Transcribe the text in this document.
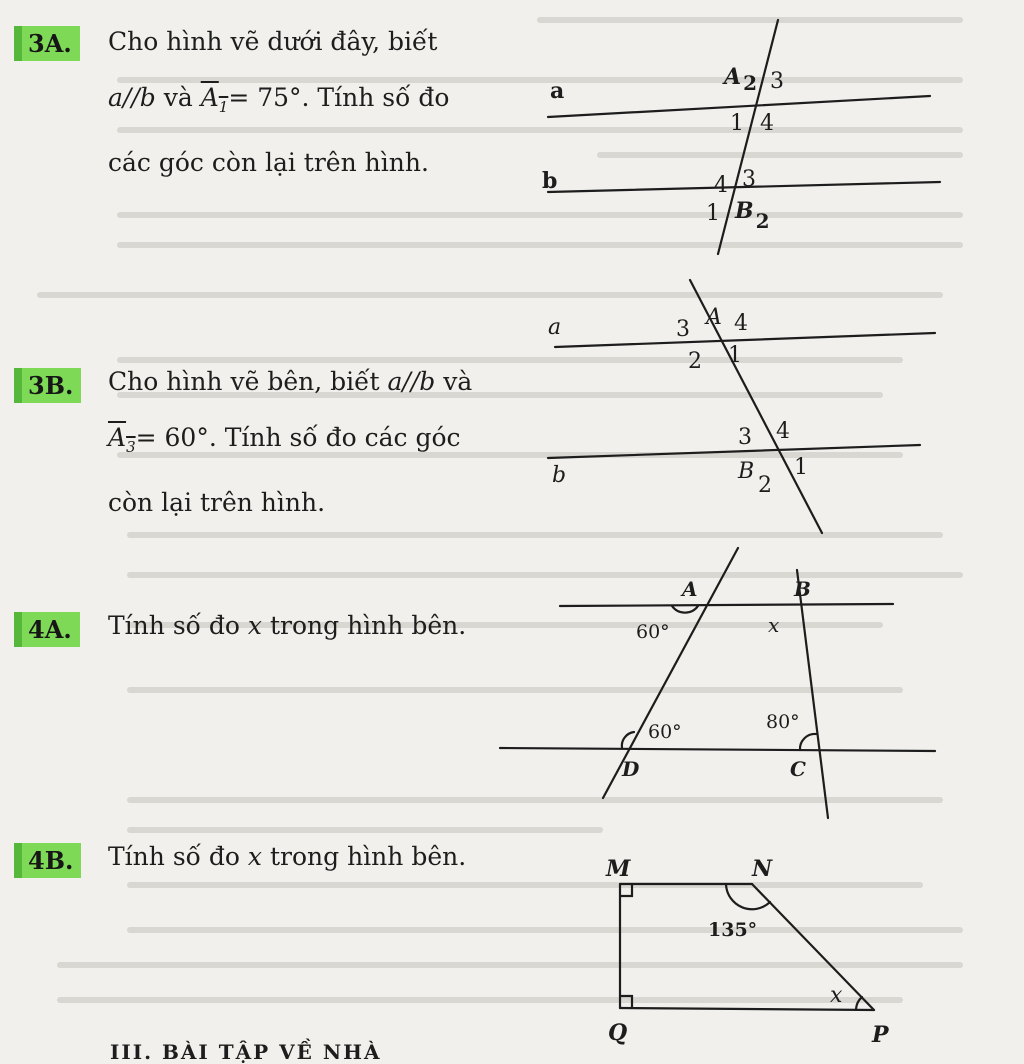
3A.	Cho hình vẽ dưới đây, biết
a//b và $A_1= 75^\circ$. Tính số đo
các góc còn lại trên hình.
3B.	Cho hình vẽ bên, biết a//b và
$A_3= 60^\circ$. Tính số đo các góc
còn lại trên hình.
4A.	Tính số đo x trong hình bên.
4B.	Tính số đo x trong hình bên.
a
b
A 2 3
1 4
4 3
1 B 2
a
b
3 A 4
2 1
3 4
B
2
1
A	B
D	C
60°	x
60°	80°
M	N
Q	P
135°
x
III. BÀI TẬP VỀ NHÀ
